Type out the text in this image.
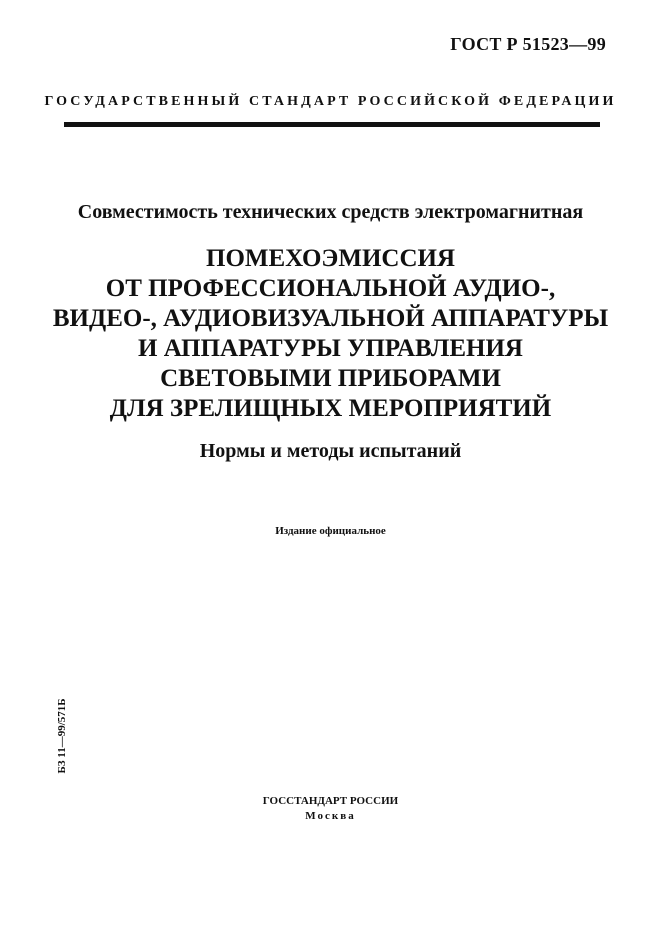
ГОСТ Р 51523—99
ГОСУДАРСТВЕННЫЙ СТАНДАРТ РОССИЙСКОЙ ФЕДЕРАЦИИ
Совместимость технических средств электромагнитная
ПОМЕХОЭМИССИЯ
ОТ ПРОФЕССИОНАЛЬНОЙ АУДИО-,
ВИДЕО-, АУДИОВИЗУАЛЬНОЙ АППАРАТУРЫ
И АППАРАТУРЫ УПРАВЛЕНИЯ
СВЕТОВЫМИ ПРИБОРАМИ
ДЛЯ ЗРЕЛИЩНЫХ МЕРОПРИЯТИЙ
Нормы и методы испытаний
Издание официальное
БЗ 11—99/571Б
ГОССТАНДАРТ РОССИИ
Москва
